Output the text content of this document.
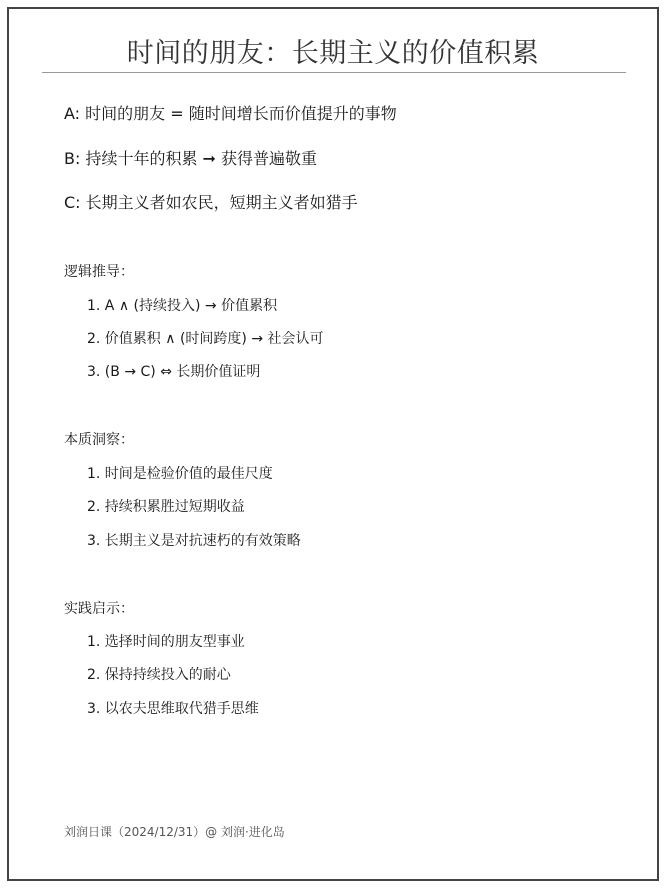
时间的朋友：长期主义的价值积累
A: 时间的朋友 = 随时间增长而价值提升的事物
B: 持续十年的积累 ➞ 获得普遍敬重
C: 长期主义者如农民，短期主义者如猎手
逻辑推导：
1. A ∧ (持续投入) → 价值累积
2. 价值累积 ∧ (时间跨度) → 社会认可
3. (B → C) ⇔ 长期价值证明
本质洞察：
1. 时间是检验价值的最佳尺度
2. 持续积累胜过短期收益
3. 长期主义是对抗速朽的有效策略
实践启示：
1. 选择时间的朋友型事业
2. 保持持续投入的耐心
3. 以农夫思维取代猎手思维
刘润日课（2024/12/31）@ 刘润·进化岛
